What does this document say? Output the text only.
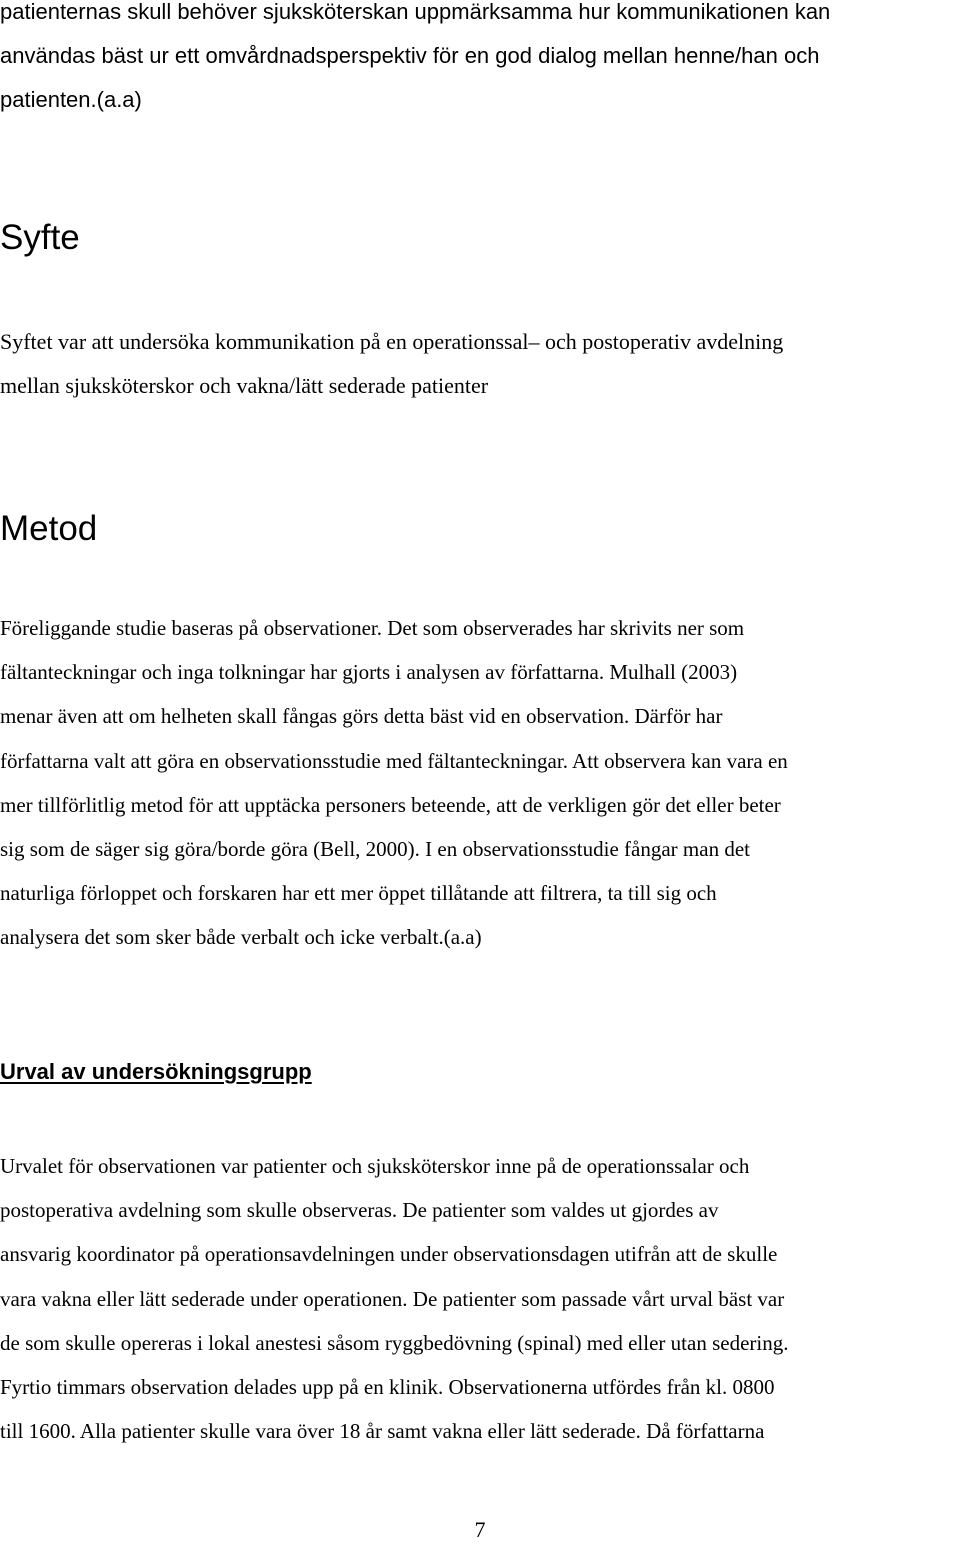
patienternas skull behöver sjuksköterskan uppmärksamma hur kommunikationen kan
användas bäst ur ett omvårdnadsperspektiv för en god dialog mellan henne/han och
patienten.(a.a)
Syfte
Syftet var att undersöka kommunikation på en operationssal– och postoperativ avdelning
mellan sjuksköterskor och vakna/lätt sederade patienter
Metod
Föreliggande studie baseras på observationer. Det som observerades har skrivits ner som
fältanteckningar och inga tolkningar har gjorts i analysen av författarna. Mulhall (2003)
menar även att om helheten skall fångas görs detta bäst vid en observation. Därför har
författarna valt att göra en observationsstudie med fältanteckningar. Att observera kan vara en
mer tillförlitlig metod för att upptäcka personers beteende, att de verkligen gör det eller beter
sig som de säger sig göra/borde göra (Bell, 2000). I en observationsstudie fångar man det
naturliga förloppet och forskaren har ett mer öppet tillåtande att filtrera, ta till sig och
analysera det som sker både verbalt och icke verbalt.(a.a)
Urval av undersökningsgrupp
Urvalet för observationen var patienter och sjuksköterskor inne på de operationssalar och
postoperativa avdelning som skulle observeras. De patienter som valdes ut gjordes av
ansvarig koordinator på operationsavdelningen under observationsdagen utifrån att de skulle
vara vakna eller lätt sederade under operationen. De patienter som passade vårt urval bäst var
de som skulle opereras i lokal anestesi såsom ryggbedövning (spinal) med eller utan sedering.
Fyrtio timmars observation delades upp på en klinik. Observationerna utfördes från kl. 0800
till 1600. Alla patienter skulle vara över 18 år samt vakna eller lätt sederade. Då författarna
7
